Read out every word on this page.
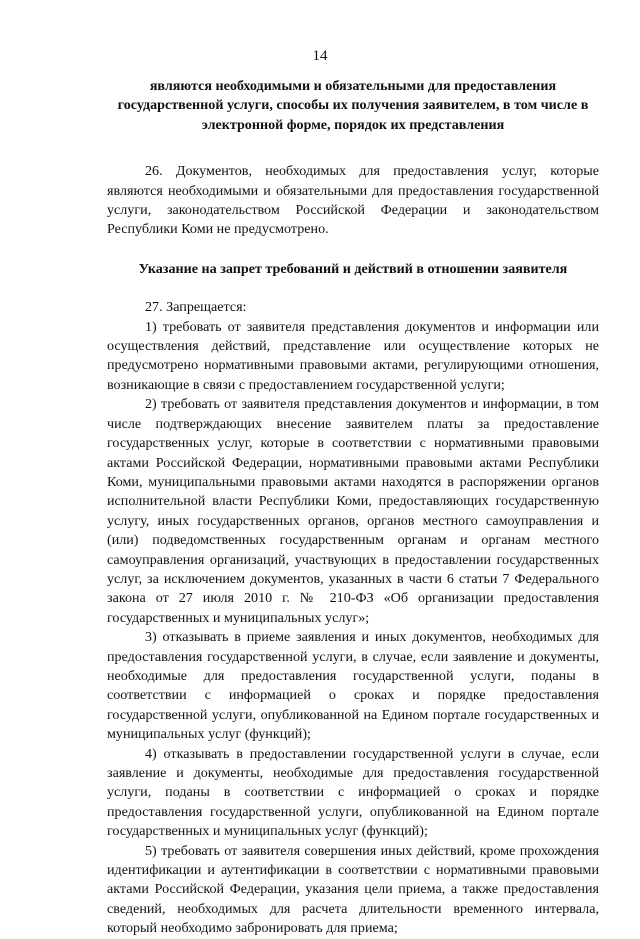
14

являются необходимыми и обязательными для предоставления государственной услуги, способы их получения заявителем, в том числе в электронной форме, порядок их представления

26. Документов, необходимых для предоставления услуг, которые являются необходимыми и обязательными для предоставления государственной услуги, законодательством Российской Федерации и законодательством Республики Коми не предусмотрено.

Указание на запрет требований и действий в отношении заявителя

27. Запрещается:

1) требовать от заявителя представления документов и информации или осуществления действий, представление или осуществление которых не предусмотрено нормативными правовыми актами, регулирующими отношения, возникающие в связи с предоставлением государственной услуги;

2) требовать от заявителя представления документов и информации, в том числе подтверждающих внесение заявителем платы за предоставление государственных услуг, которые в соответствии с нормативными правовыми актами Российской Федерации, нормативными правовыми актами Республики Коми, муниципальными правовыми актами находятся в распоряжении органов исполнительной власти Республики Коми, предоставляющих государственную услугу, иных государственных органов, органов местного самоуправления и (или) подведомственных государственным органам и органам местного самоуправления организаций, участвующих в предоставлении государственных услуг, за исключением документов, указанных в части 6 статьи 7 Федерального закона от 27 июля 2010 г. № 210-ФЗ «Об организации предоставления государственных и муниципальных услуг»;

3) отказывать в приеме заявления и иных документов, необходимых для предоставления государственной услуги, в случае, если заявление и документы, необходимые для предоставления государственной услуги, поданы в соответствии с информацией о сроках и порядке предоставления государственной услуги, опубликованной на Едином портале государственных и муниципальных услуг (функций);

4) отказывать в предоставлении государственной услуги в случае, если заявление и документы, необходимые для предоставления государственной услуги, поданы в соответствии с информацией о сроках и порядке предоставления государственной услуги, опубликованной на Едином портале государственных и муниципальных услуг (функций);

5) требовать от заявителя совершения иных действий, кроме прохождения идентификации и аутентификации в соответствии с нормативными правовыми актами Российской Федерации, указания цели приема, а также предоставления сведений, необходимых для расчета длительности временного интервала, который необходимо забронировать для приема;
